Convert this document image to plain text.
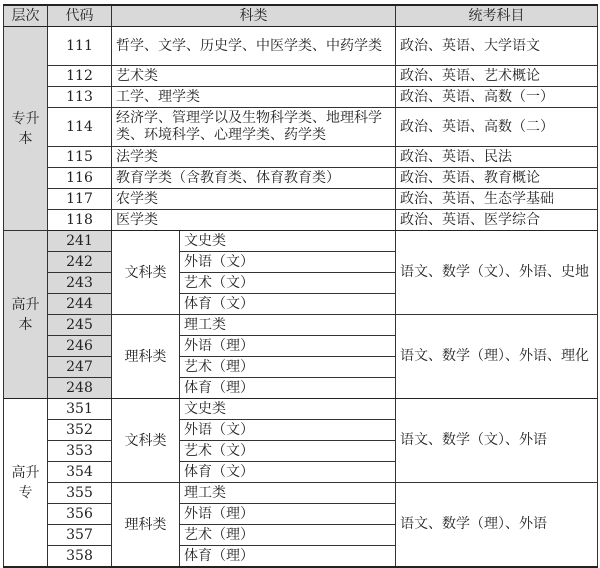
层次	代码	科类		统考科目
专升本	111	哲学、文学、历史学、中医学类、中药学类		政治、英语、大学语文
	112	艺术类		政治、英语、艺术概论
	113	工学、理学类		政治、英语、高数（一）
	114	经济学、管理学以及生物科学类、地理科学类、环境科学、心理学类、药学类		政治、英语、高数（二）
	115	法学类		政治、英语、民法
	116	教育学类（含教育类、体育教育类）		政治、英语、教育概论
	117	农学类		政治、英语、生态学基础
	118	医学类		政治、英语、医学综合
高升本	241	文科类	文史类	语文、数学（文）、外语、史地
	242		外语（文）	
	243		艺术（文）	
	244		体育（文）	
	245	理科类	理工类	语文、数学（理）、外语、理化
	246		外语（理）	
	247		艺术（理）	
	248		体育（理）	
高升专	351	文科类	文史类	语文、数学（文）、外语
	352		外语（文）	
	353		艺术（文）	
	354		体育（文）	
	355	理科类	理工类	语文、数学（理）、外语
	356		外语（理）	
	357		艺术（理）	
	358		体育（理）	
